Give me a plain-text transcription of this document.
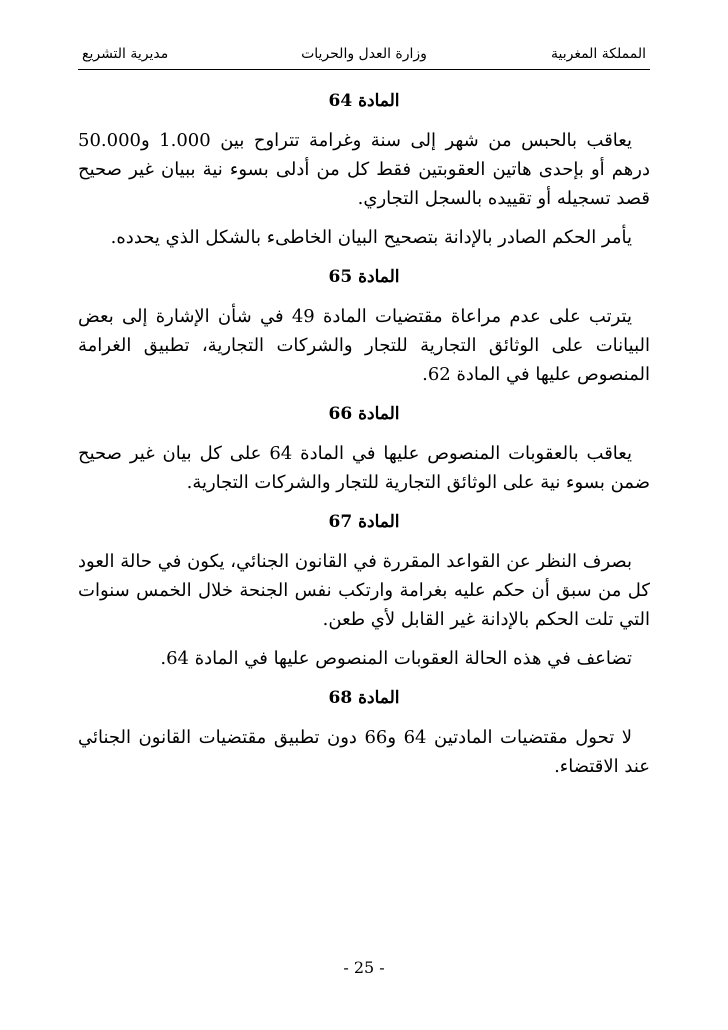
المملكة المغربية
وزارة العدل والحريات
مديرية التشريع
المادة 64

يعاقب بالحبس من شهر إلى سنة وغرامة تتراوح بين 1.000 و50.000 درهم أو بإحدى هاتين العقوبتين فقط كل من أدلى بسوء نية ببيان غير صحيح قصد تسجيله أو تقييده بالسجل التجاري.

يأمر الحكم الصادر بالإدانة بتصحيح البيان الخاطىء بالشكل الذي يحدده.

المادة 65

يترتب على عدم مراعاة مقتضيات المادة 49 في شأن الإشارة إلى بعض البيانات على الوثائق التجارية للتجار والشركات التجارية، تطبيق الغرامة المنصوص عليها في المادة 62.

المادة 66

يعاقب بالعقوبات المنصوص عليها في المادة 64 على كل بيان غير صحيح ضمن بسوء نية على الوثائق التجارية للتجار والشركات التجارية.

المادة 67

بصرف النظر عن القواعد المقررة في القانون الجنائي، يكون في حالة العود كل من سبق أن حكم عليه بغرامة وارتكب نفس الجنحة خلال الخمس سنوات التي تلت الحكم بالإدانة غير القابل لأي طعن.

تضاعف في هذه الحالة العقوبات المنصوص عليها في المادة 64.

المادة 68

لا تحول مقتضيات المادتين 64 و66 دون تطبيق مقتضيات القانون الجنائي عند الاقتضاء.

- 25 -
